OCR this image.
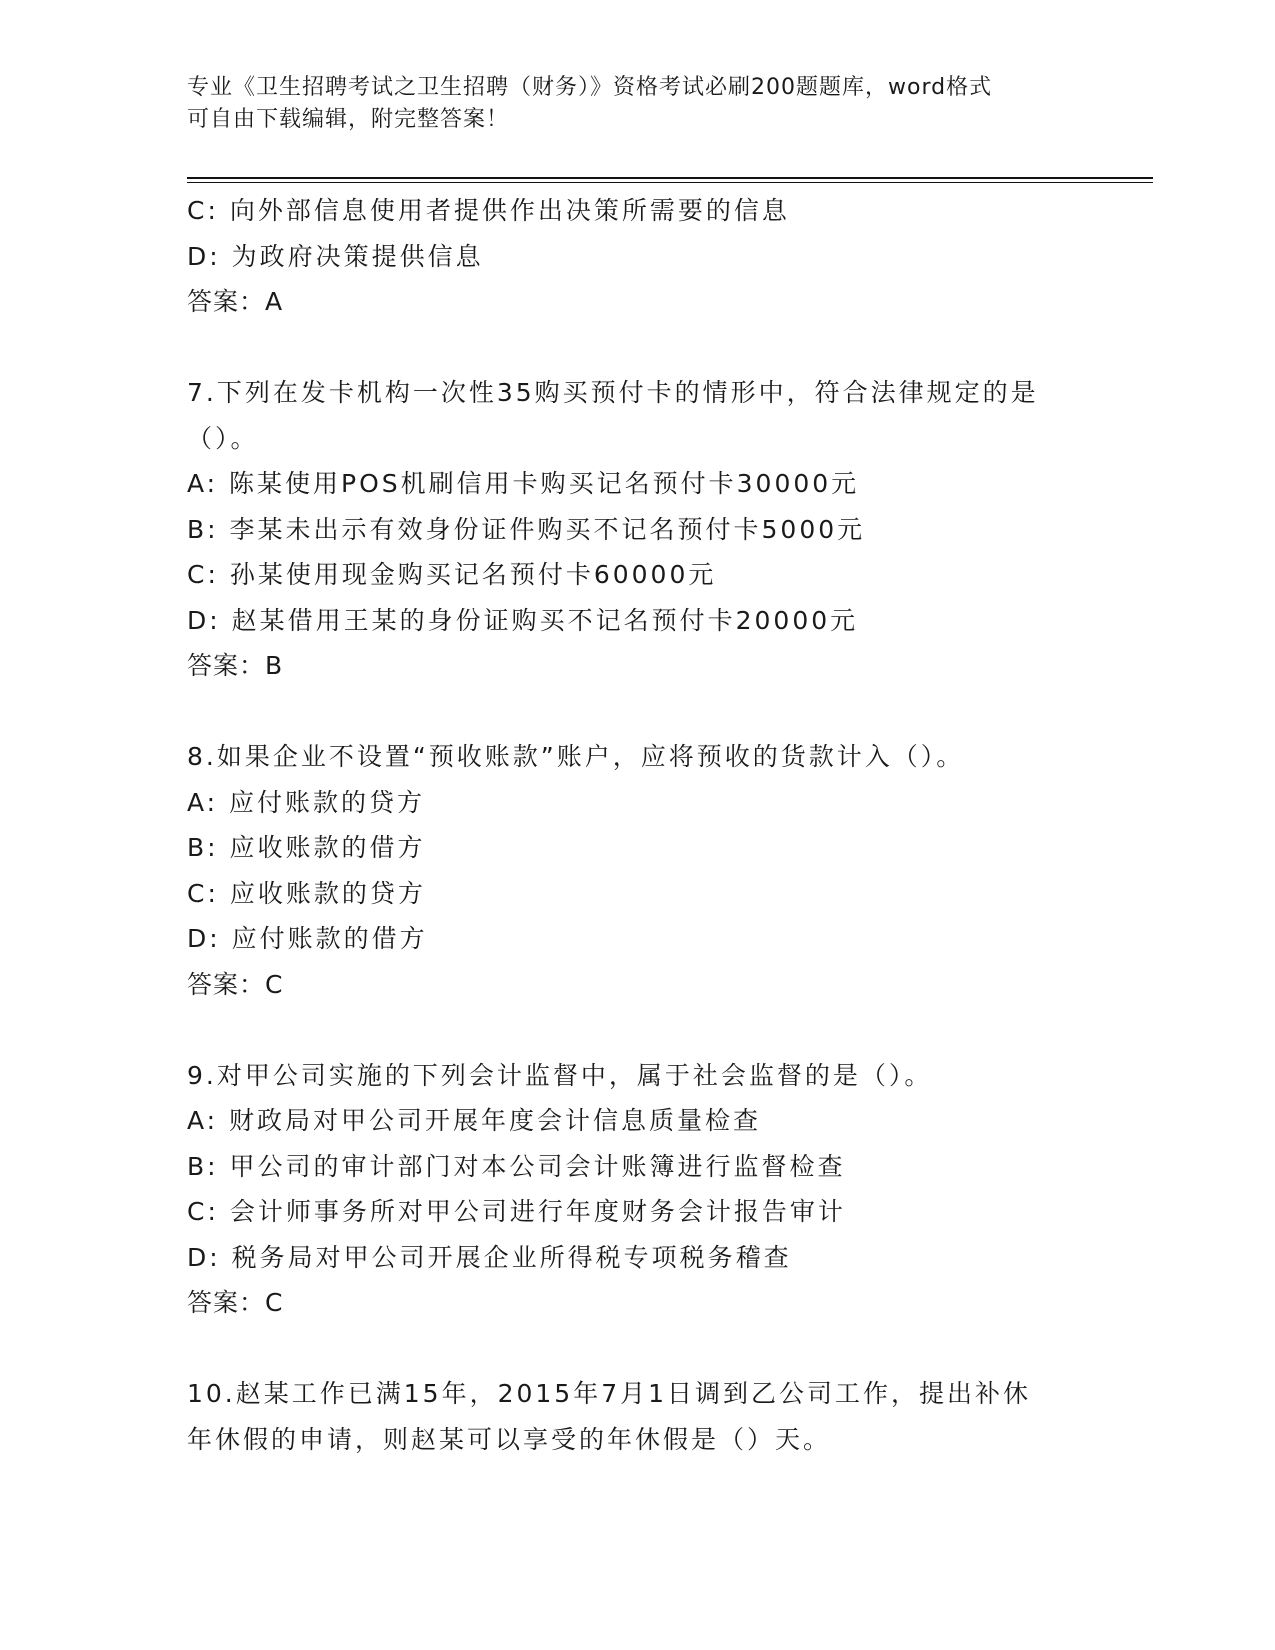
专业《卫生招聘考试之卫生招聘（财务）》资格考试必刷200题题库，word格式
可自由下载编辑，附完整答案！
C: 向外部信息使用者提供作出决策所需要的信息
D: 为政府决策提供信息
答案：A
7.下列在发卡机构一次性35购买预付卡的情形中，符合法律规定的是
（）。
A: 陈某使用POS机刷信用卡购买记名预付卡30000元
B: 李某未出示有效身份证件购买不记名预付卡5000元
C: 孙某使用现金购买记名预付卡60000元
D: 赵某借用王某的身份证购买不记名预付卡20000元
答案：B
8.如果企业不设置“预收账款”账户，应将预收的货款计入（）。
A: 应付账款的贷方
B: 应收账款的借方
C: 应收账款的贷方
D: 应付账款的借方
答案：C
9.对甲公司实施的下列会计监督中，属于社会监督的是（）。
A: 财政局对甲公司开展年度会计信息质量检查
B: 甲公司的审计部门对本公司会计账簿进行监督检查
C: 会计师事务所对甲公司进行年度财务会计报告审计
D: 税务局对甲公司开展企业所得税专项税务稽查
答案：C
10.赵某工作已满15年，2015年7月1日调到乙公司工作，提出补休
年休假的申请，则赵某可以享受的年休假是（）天。
